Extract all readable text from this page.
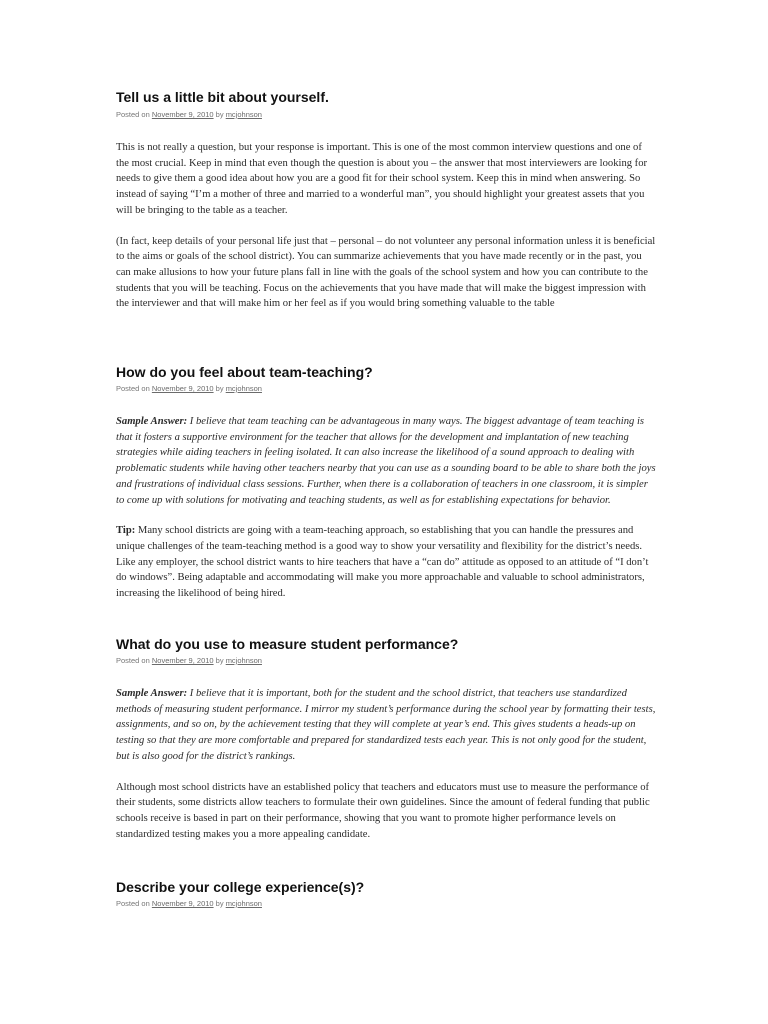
Tell us a little bit about yourself.
Posted on November 9, 2010 by mcjohnson

This is not really a question, but your response is important. This is one of the most common interview questions and one of the most crucial. Keep in mind that even though the question is about you – the answer that most interviewers are looking for needs to give them a good idea about how you are a good fit for their school system. Keep this in mind when answering. So instead of saying “I’m a mother of three and married to a wonderful man”, you should highlight your greatest assets that you will be bringing to the table as a teacher.

(In fact, keep details of your personal life just that – personal – do not volunteer any personal information unless it is beneficial to the aims or goals of the school district). You can summarize achievements that you have made recently or in the past, you can make allusions to how your future plans fall in line with the goals of the school system and how you can contribute to the students that you will be teaching. Focus on the achievements that you have made that will make the biggest impression with the interviewer and that will make him or her feel as if you would bring something valuable to the table

How do you feel about team-teaching?
Posted on November 9, 2010 by mcjohnson

Sample Answer: I believe that team teaching can be advantageous in many ways. The biggest advantage of team teaching is that it fosters a supportive environment for the teacher that allows for the development and implantation of new teaching strategies while aiding teachers in feeling isolated. It can also increase the likelihood of a sound approach to dealing with problematic students while having other teachers nearby that you can use as a sounding board to be able to share both the joys and frustrations of individual class sessions. Further, when there is a collaboration of teachers in one classroom, it is simpler to come up with solutions for motivating and teaching students, as well as for establishing expectations for behavior.

Tip: Many school districts are going with a team-teaching approach, so establishing that you can handle the pressures and unique challenges of the team-teaching method is a good way to show your versatility and flexibility for the district’s needs. Like any employer, the school district wants to hire teachers that have a “can do” attitude as opposed to an attitude of “I don’t do windows”. Being adaptable and accommodating will make you more approachable and valuable to school administrators, increasing the likelihood of being hired.

What do you use to measure student performance?
Posted on November 9, 2010 by mcjohnson

Sample Answer: I believe that it is important, both for the student and the school district, that teachers use standardized methods of measuring student performance. I mirror my student’s performance during the school year by formatting their tests, assignments, and so on, by the achievement testing that they will complete at year’s end. This gives students a heads-up on testing so that they are more comfortable and prepared for standardized tests each year. This is not only good for the student, but is also good for the district’s rankings.

Although most school districts have an established policy that teachers and educators must use to measure the performance of their students, some districts allow teachers to formulate their own guidelines. Since the amount of federal funding that public schools receive is based in part on their performance, showing that you want to promote higher performance levels on standardized testing makes you a more appealing candidate.

Describe your college experience(s)?
Posted on November 9, 2010 by mcjohnson
